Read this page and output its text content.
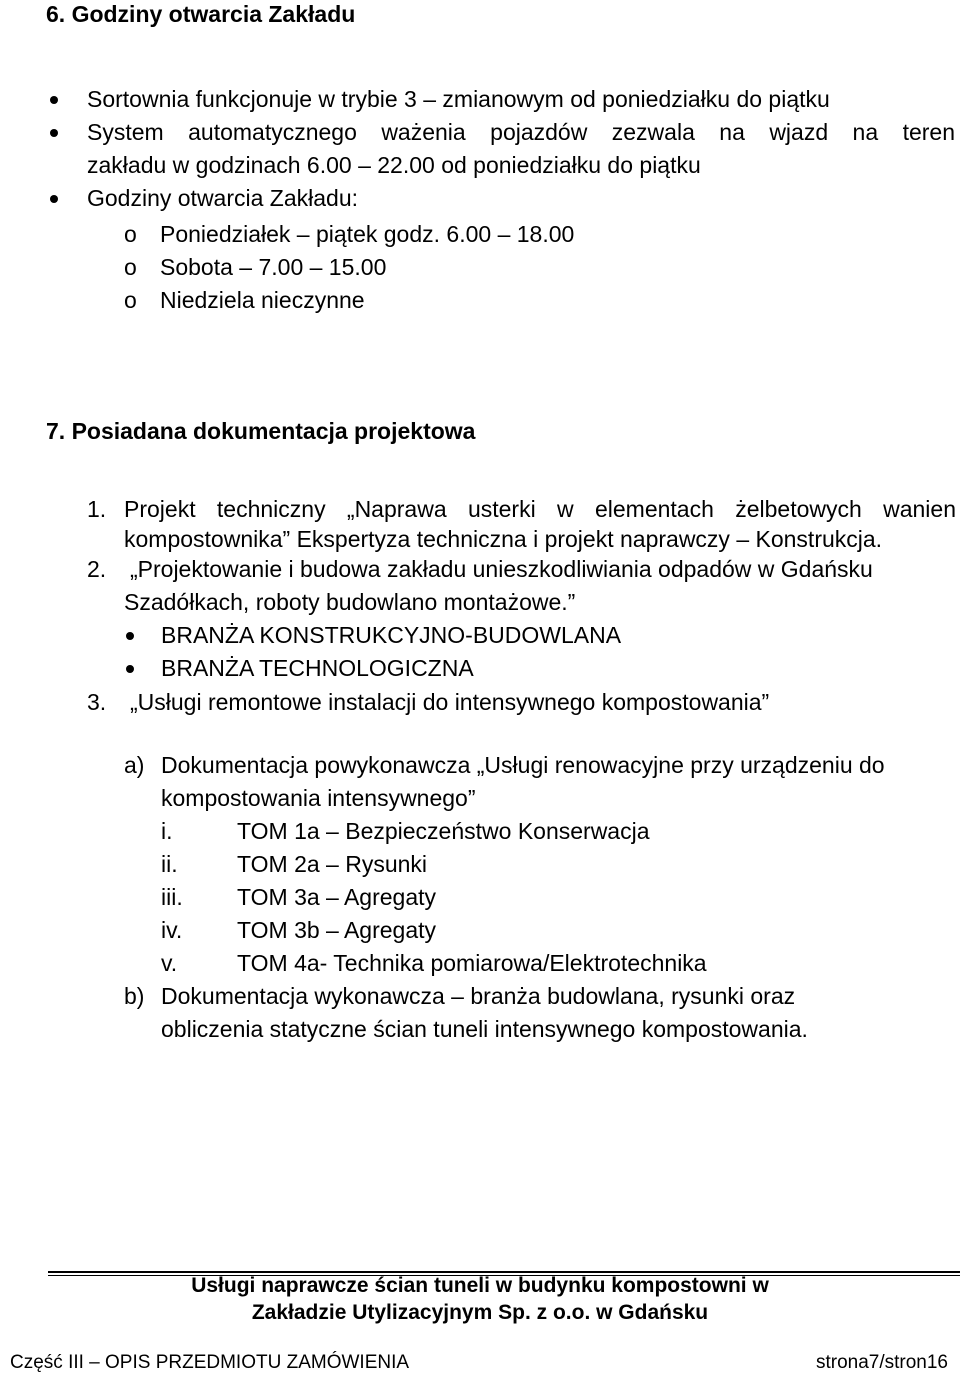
6. Godziny otwarcia Zakładu
Sortownia funkcjonuje w trybie 3 – zmianowym od poniedziałku do piątku
System automatycznego ważenia pojazdów zezwala na wjazd na teren
zakładu w godzinach 6.00 – 22.00 od poniedziałku do piątku
Godziny otwarcia Zakładu:
o Poniedziałek – piątek godz. 6.00 – 18.00
o Sobota – 7.00 – 15.00
o Niedziela nieczynne
7. Posiadana dokumentacja projektowa
1. Projekt techniczny „Naprawa usterki w elementach żelbetowych wanien
kompostownika” Ekspertyza techniczna i projekt naprawczy – Konstrukcja.
2. „Projektowanie i budowa zakładu unieszkodliwiania odpadów w Gdańsku
Szadółkach, roboty budowlano montażowe.”
BRANŻA KONSTRUKCYJNO-BUDOWLANA
BRANŻA TECHNOLOGICZNA
3. „Usługi remontowe instalacji do intensywnego kompostowania”
a) Dokumentacja powykonawcza „Usługi renowacyjne przy urządzeniu do
kompostowania intensywnego”
i.	TOM 1a – Bezpieczeństwo Konserwacja
ii.	TOM 2a – Rysunki
iii. TOM 3a – Agregaty
iv. TOM 3b – Agregaty
v.	TOM 4a- Technika pomiarowa/Elektrotechnika
b) Dokumentacja wykonawcza – branża budowlana, rysunki oraz
obliczenia statyczne ścian tuneli intensywnego kompostowania.
Usługi naprawcze ścian tuneli w budynku kompostowni w
Zakładzie Utylizacyjnym Sp. z o.o. w Gdańsku
Część III – OPIS PRZEDMIOTU ZAMÓWIENIA	strona7/stron16
